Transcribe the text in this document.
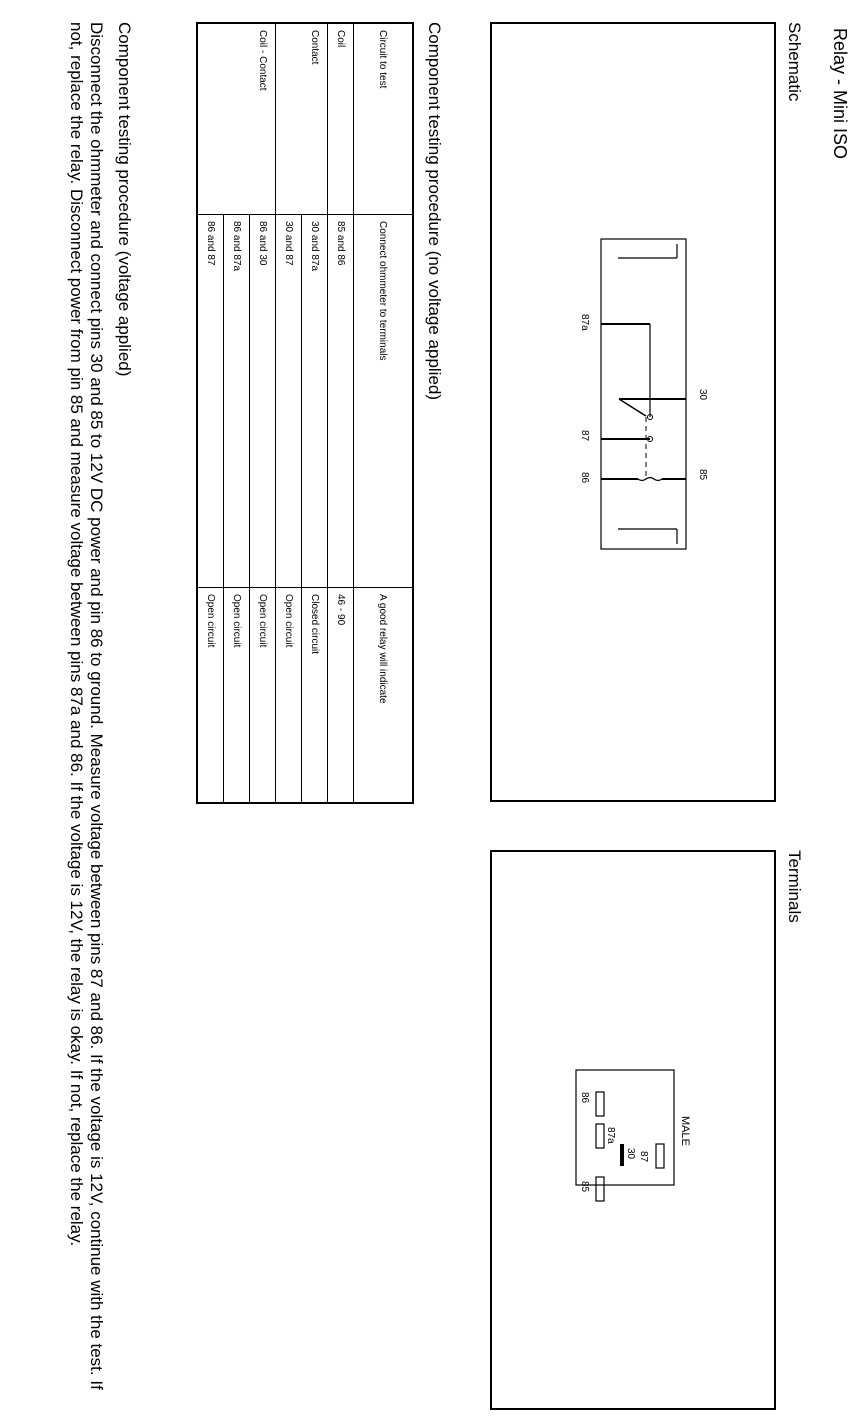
Relay - Mini ISO
Schematic
Terminals
30
85
87a
87
86
87
87a
30
86
85
MALE
Component testing procedure (no voltage applied)
Circuit to test	Connect ohmmeter to terminals	A good relay will indicate
Coil	85 and 86	46 - 90
Contact	30 and 87a	Closed circuit
	30 and 87	Open circuit
Coil - Contact	86 and 30	Open circuit
	86 and 87a	Open circuit
	86 and 87	Open circuit
Component testing procedure (voltage applied)
Disconnect the ohmmeter and connect pins 30 and 85 to 12V DC power and pin 86 to ground. Measure voltage between pins 87 and 86. If the voltage is 12V, continue with the test. If not, replace the relay. Disconnect power from pin 85 and measure voltage between pins 87a and 86. If the voltage is 12V, the relay is okay. If not, replace the relay.
